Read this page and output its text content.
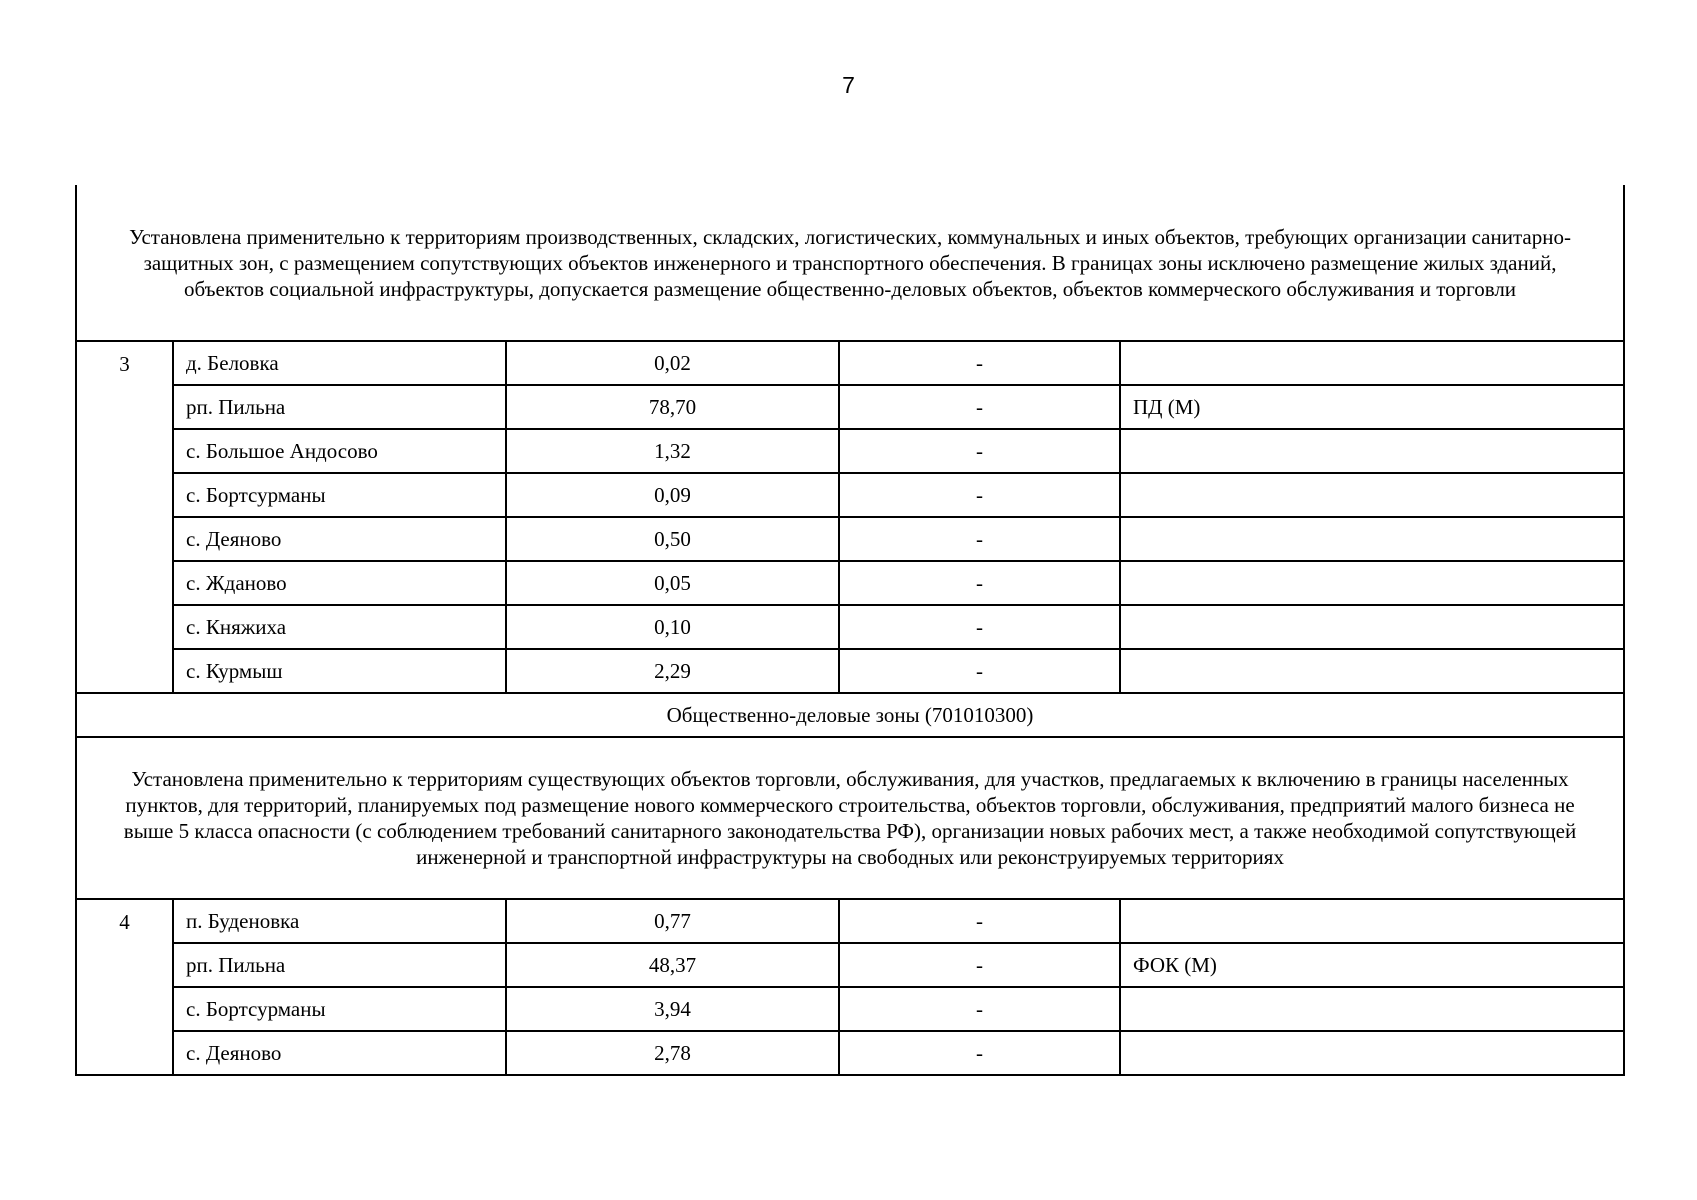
7
Установлена применительно к территориям производственных, складских, логистических, коммунальных и иных объектов, требующих организации санитарно-защитных зон, с размещением сопутствующих объектов инженерного и транспортного обеспечения. В границах зоны исключено размещение жилых зданий, объектов социальной инфраструктуры, допускается размещение общественно-деловых объектов, объектов коммерческого обслуживания и торговли				
3	д. Беловка	0,02	-	
	рп. Пильна	78,70	-	ПД (М)
	с. Большое Андосово	1,32	-	
	с. Бортсурманы	0,09	-	
	с. Деяново	0,50	-	
	с. Жданово	0,05	-	
	с. Княжиха	0,10	-	
	с. Курмыш	2,29	-	
Общественно-деловые зоны (701010300)				
Установлена применительно к территориям существующих объектов торговли, обслуживания, для участков, предлагаемых к включению в границы населенных пунктов, для территорий, планируемых под размещение нового коммерческого строительства, объектов торговли, обслуживания, предприятий малого бизнеса не выше 5 класса опасности (с соблюдением требований санитарного законодательства РФ), организации новых рабочих мест, а также необходимой сопутствующей инженерной и транспортной инфраструктуры на свободных или реконструируемых территориях				
4	п. Буденовка	0,77	-	
	рп. Пильна	48,37	-	ФОК (М)
	с. Бортсурманы	3,94	-	
	с. Деяново	2,78	-	
